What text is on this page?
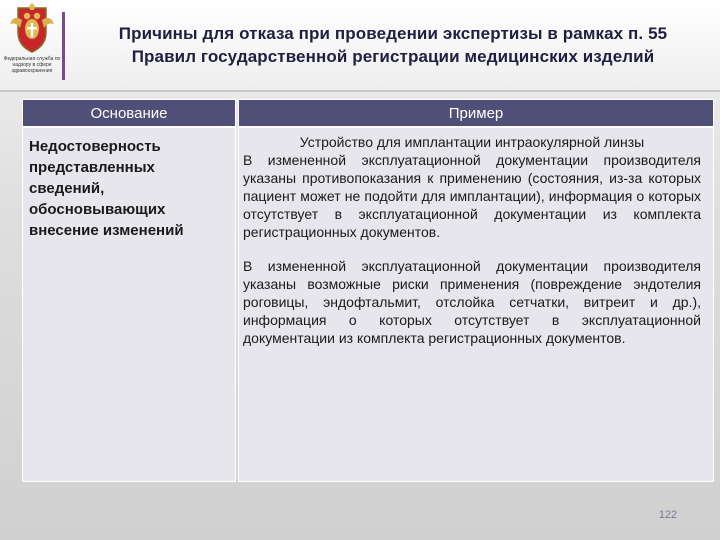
Федеральная служба по надзору в сфере здравоохранения
Причины для отказа при проведении экспертизы в рамках п. 55
Правил государственной регистрации медицинских изделий
Основание	Пример
Недостоверность представленных сведений, обосновывающих внесение изменений
Устройство для имплантации интраокулярной линзы
В измененной эксплуатационной документации производителя указаны противопоказания к применению (состояния, из-за которых пациент может не подойти для имплантации), информация о которых отсутствует в эксплуатационной документации из комплекта регистрационных документов.
В измененной эксплуатационной документации производителя указаны возможные риски применения (повреждение эндотелия роговицы, эндофтальмит, отслойка сетчатки, витреит и др.), информация о которых отсутствует в эксплуатационной документации из комплекта регистрационных документов.
122
